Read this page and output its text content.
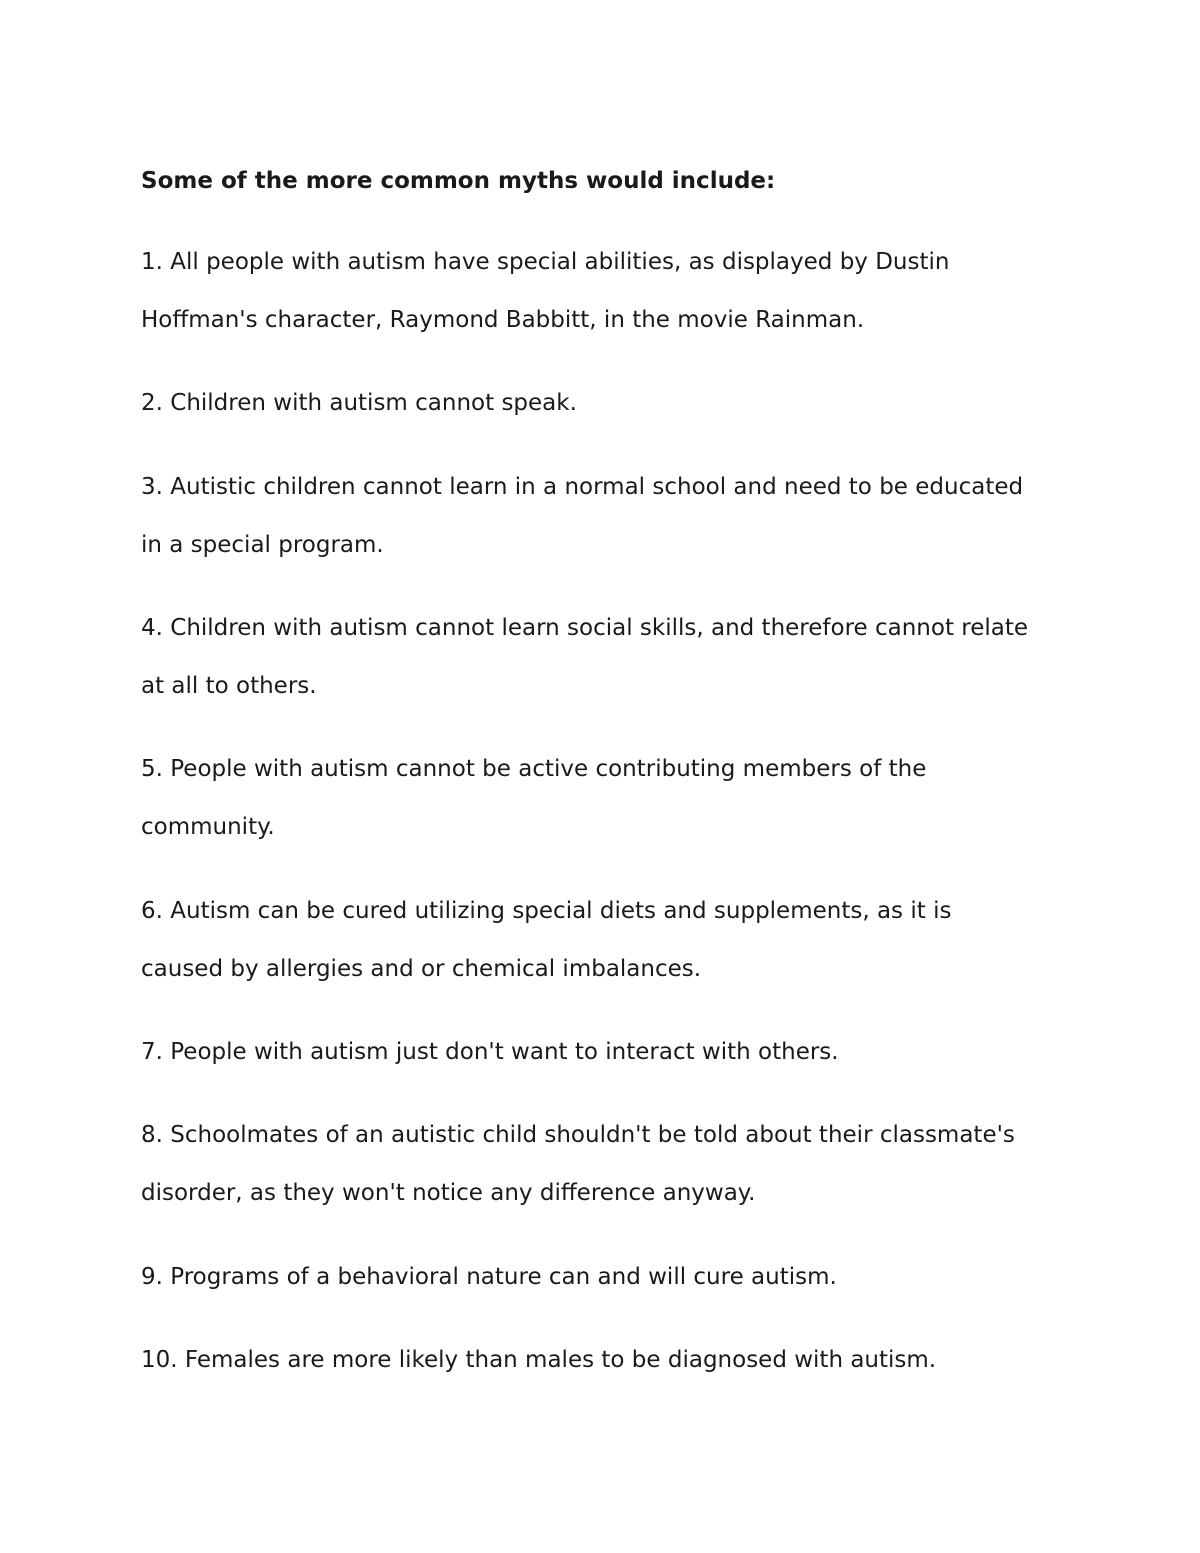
Some of the more common myths would include:
1. All people with autism have special abilities, as displayed by Dustin
Hoffman's character, Raymond Babbitt, in the movie Rainman.
2. Children with autism cannot speak.
3. Autistic children cannot learn in a normal school and need to be educated
in a special program.
4. Children with autism cannot learn social skills, and therefore cannot relate
at all to others.
5. People with autism cannot be active contributing members of the
community.
6. Autism can be cured utilizing special diets and supplements, as it is
caused by allergies and or chemical imbalances.
7. People with autism just don't want to interact with others.
8. Schoolmates of an autistic child shouldn't be told about their classmate's
disorder, as they won't notice any difference anyway.
9. Programs of a behavioral nature can and will cure autism.
10. Females are more likely than males to be diagnosed with autism.
